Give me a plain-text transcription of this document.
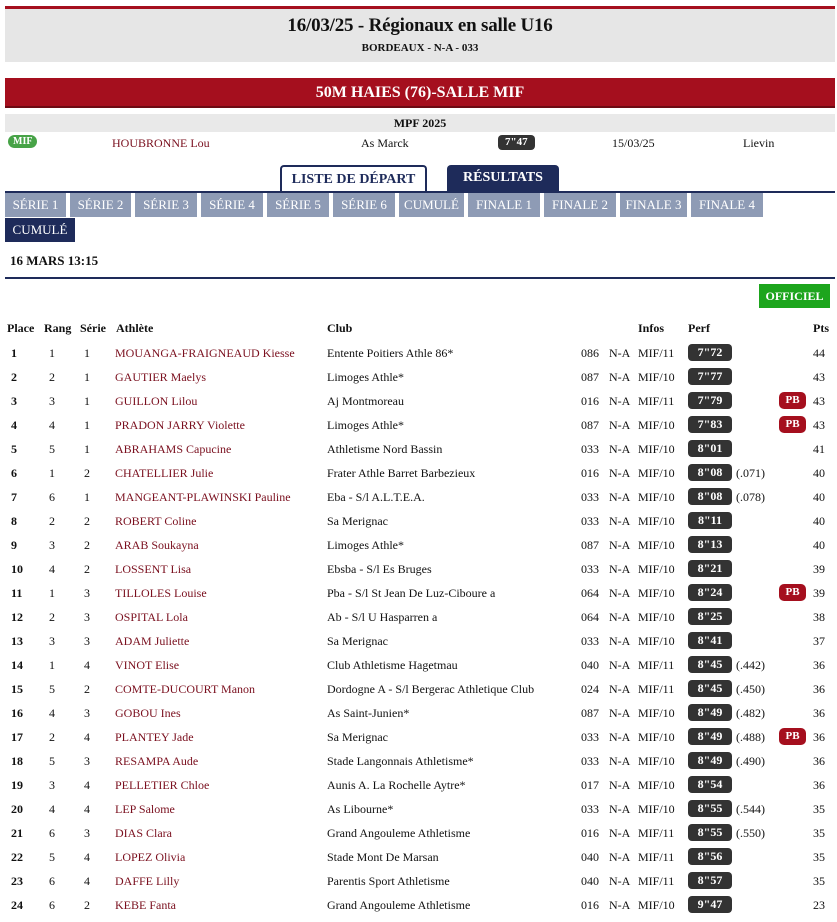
16/03/25 - Régionaux en salle U16
BORDEAUX - N-A - 033
50M HAIES (76)-SALLE MIF
MPF 2025
MIF	HOUBRONNE Lou	As Marck	7"47	15/03/25	Lievin
LISTE DE DÉPART	RÉSULTATS
SÉRIE 1	SÉRIE 2	SÉRIE 3	SÉRIE 4	SÉRIE 5	SÉRIE 6	CUMULÉ	FINALE 1	FINALE 2	FINALE 3	FINALE 4
CUMULÉ
16 MARS 13:15
OFFICIEL
Place Rang Série Athlète	Club	Infos Perf	Pts
1	1 1 MOUANGA-FRAIGNEAUD Kiesse	Entente Poitiers Athle 86*	086 N-A MIF/11	7"72	44
2	2 1 GAUTIER Maelys	Limoges Athle*	087 N-A MIF/10	7"77	43
3	3 1 GUILLON Lilou	Aj Montmoreau	016 N-A MIF/11	7"79	PB	43
4	4 1 PRADON JARRY Violette	Limoges Athle*	087 N-A MIF/10	7"83	PB	43
5	5 1 ABRAHAMS Capucine	Athletisme Nord Bassin	033 N-A MIF/10	8"01	41
6	1 2 CHATELLIER Julie	Frater Athle Barret Barbezieux	016 N-A MIF/10	8"08	(.071)	40
7	6 1 MANGEANT-PLAWINSKI Pauline	Eba - S/l A.L.T.E.A.	033 N-A MIF/10	8"08	(.078)	40
8	2 2 ROBERT Coline	Sa Merignac	033 N-A MIF/10	8"11	40
9	3 2 ARAB Soukayna	Limoges Athle*	087 N-A MIF/10	8"13	40
10 4 2 LOSSENT Lisa	Ebsba - S/l Es Bruges	033 N-A MIF/10	8"21	39
11 1 3 TILLOLES Louise	Pba - S/l St Jean De Luz-Ciboure a	064 N-A MIF/10	8"24	PB	39
12 2 3 OSPITAL Lola	Ab - S/l U Hasparren a	064 N-A MIF/10	8"25	38
13 3 3 ADAM Juliette	Sa Merignac	033 N-A MIF/10	8"41	37
14 1 4 VINOT Elise	Club Athletisme Hagetmau	040 N-A MIF/11	8"45	(.442)	36
15 5 2 COMTE-DUCOURT Manon	Dordogne A - S/l Bergerac Athletique Club	024 N-A MIF/11	8"45	(.450)	36
16 4 3 GOBOU Ines	As Saint-Junien*	087 N-A MIF/10	8"49	(.482)	36
17 2 4 PLANTEY Jade	Sa Merignac	033 N-A MIF/10	8"49	(.488)	PB	36
18 5 3 RESAMPA Aude	Stade Langonnais Athletisme*	033 N-A MIF/10	8"49	(.490)	36
19 3 4 PELLETIER Chloe	Aunis A. La Rochelle Aytre*	017 N-A MIF/10	8"54	36
20 4 4 LEP Salome	As Libourne*	033 N-A MIF/10	8"55	(.544)	35
21 6 3 DIAS Clara	Grand Angouleme Athletisme	016 N-A MIF/11	8"55	(.550)	35
22 5 4 LOPEZ Olivia	Stade Mont De Marsan	040 N-A MIF/11	8"56	35
23 6 4 DAFFE Lilly	Parentis Sport Athletisme	040 N-A MIF/11	8"57	35
24 6 2 KEBE Fanta	Grand Angouleme Athletisme	016 N-A MIF/10	9"47	23
